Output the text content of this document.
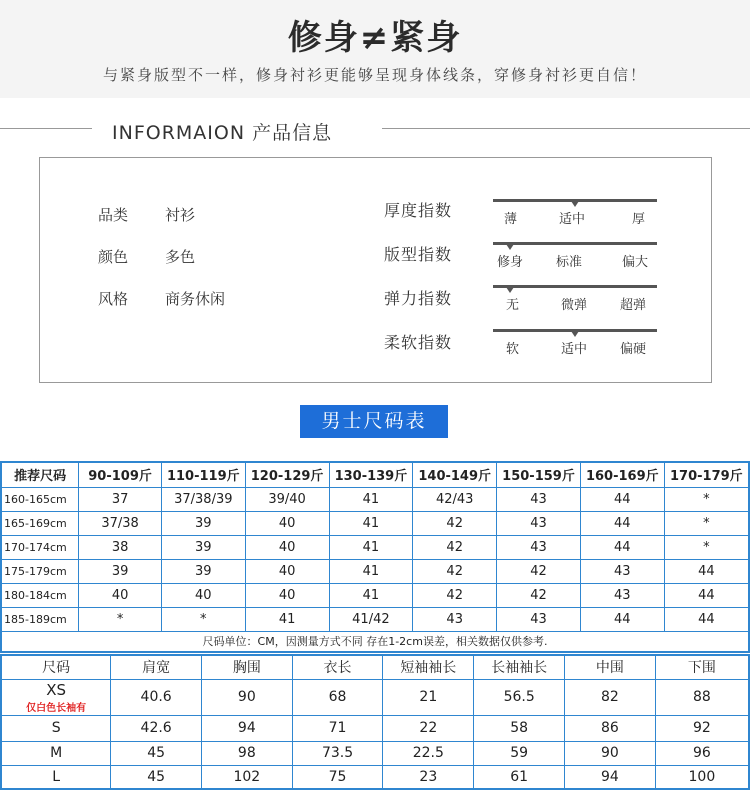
修身≠紧身
与紧身版型不一样，修身衬衫更能够呈现身体线条，穿修身衬衫更自信！
INFORMAION 产品信息
品类 衬衫
颜色 多色
风格 商务休闲
厚度指数	薄	适中	厚
版型指数	修身	标准	偏大
弹力指数	无	微弹	超弹
柔软指数	软	适中	偏硬
男士尺码表
推荐尺码	90-109斤	110-119斤	120-129斤	130-139斤	140-149斤	150-159斤	160-169斤	170-179斤
160-165cm	37	37/38/39	39/40	41	42/43	43	44	*
165-169cm	37/38	39	40	41	42	43	44	*
170-174cm	38	39	40	41	42	43	44	*
175-179cm	39	39	40	41	42	42	43	44
180-184cm	40	40	40	41	42	42	43	44
185-189cm	*	*	41	41/42	43	43	44	44
尺码单位：CM，因测量方式不同 存在1-2cm误差，相关数据仅供参考.								
尺码	肩宽	胸围	衣长	短袖袖长	长袖袖长	中围	下围

XS
仅白色长袖有	40.6	90	68	21	56.5	82	88
S	42.6	94	71	22	58	86	92
M	45	98	73.5	22.5	59	90	96
L	45	102	75	23	61	94	100
